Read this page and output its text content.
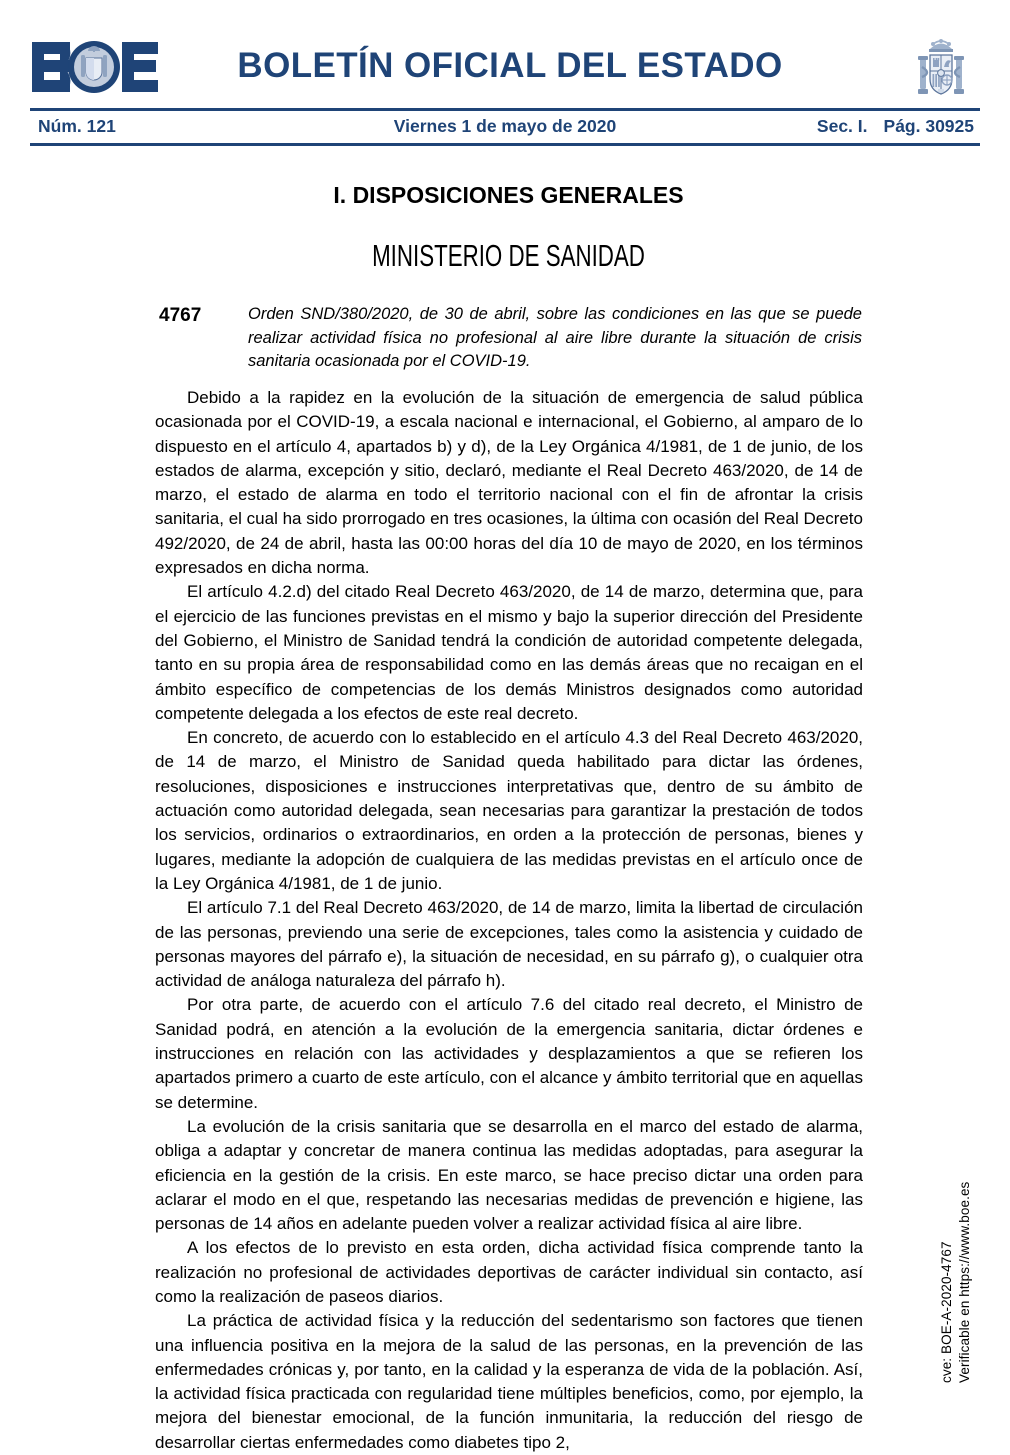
BOLETÍN OFICIAL DEL ESTADO
Núm. 121	Viernes 1 de mayo de 2020	Sec. I. Pág. 30925
I. DISPOSICIONES GENERALES
MINISTERIO DE SANIDAD
4767	Orden SND/380/2020, de 30 de abril, sobre las condiciones en las que se puede realizar actividad física no profesional al aire libre durante la situación de crisis sanitaria ocasionada por el COVID-19.

Debido a la rapidez en la evolución de la situación de emergencia de salud pública ocasionada por el COVID-19, a escala nacional e internacional, el Gobierno, al amparo de lo dispuesto en el artículo 4, apartados b) y d), de la Ley Orgánica 4/1981, de 1 de junio, de los estados de alarma, excepción y sitio, declaró, mediante el Real Decreto 463/2020, de 14 de marzo, el estado de alarma en todo el territorio nacional con el fin de afrontar la crisis sanitaria, el cual ha sido prorrogado en tres ocasiones, la última con ocasión del Real Decreto 492/2020, de 24 de abril, hasta las 00:00 horas del día 10 de mayo de 2020, en los términos expresados en dicha norma.

El artículo 4.2.d) del citado Real Decreto 463/2020, de 14 de marzo, determina que, para el ejercicio de las funciones previstas en el mismo y bajo la superior dirección del Presidente del Gobierno, el Ministro de Sanidad tendrá la condición de autoridad competente delegada, tanto en su propia área de responsabilidad como en las demás áreas que no recaigan en el ámbito específico de competencias de los demás Ministros designados como autoridad competente delegada a los efectos de este real decreto.

En concreto, de acuerdo con lo establecido en el artículo 4.3 del Real Decreto 463/2020, de 14 de marzo, el Ministro de Sanidad queda habilitado para dictar las órdenes, resoluciones, disposiciones e instrucciones interpretativas que, dentro de su ámbito de actuación como autoridad delegada, sean necesarias para garantizar la prestación de todos los servicios, ordinarios o extraordinarios, en orden a la protección de personas, bienes y lugares, mediante la adopción de cualquiera de las medidas previstas en el artículo once de la Ley Orgánica 4/1981, de 1 de junio.

El artículo 7.1 del Real Decreto 463/2020, de 14 de marzo, limita la libertad de circulación de las personas, previendo una serie de excepciones, tales como la asistencia y cuidado de personas mayores del párrafo e), la situación de necesidad, en su párrafo g), o cualquier otra actividad de análoga naturaleza del párrafo h).

Por otra parte, de acuerdo con el artículo 7.6 del citado real decreto, el Ministro de Sanidad podrá, en atención a la evolución de la emergencia sanitaria, dictar órdenes e instrucciones en relación con las actividades y desplazamientos a que se refieren los apartados primero a cuarto de este artículo, con el alcance y ámbito territorial que en aquellas se determine.

La evolución de la crisis sanitaria que se desarrolla en el marco del estado de alarma, obliga a adaptar y concretar de manera continua las medidas adoptadas, para asegurar la eficiencia en la gestión de la crisis. En este marco, se hace preciso dictar una orden para aclarar el modo en el que, respetando las necesarias medidas de prevención e higiene, las personas de 14 años en adelante pueden volver a realizar actividad física al aire libre.

A los efectos de lo previsto en esta orden, dicha actividad física comprende tanto la realización no profesional de actividades deportivas de carácter individual sin contacto, así como la realización de paseos diarios.

La práctica de actividad física y la reducción del sedentarismo son factores que tienen una influencia positiva en la mejora de la salud de las personas, en la prevención de las enfermedades crónicas y, por tanto, en la calidad y la esperanza de vida de la población. Así, la actividad física practicada con regularidad tiene múltiples beneficios, como, por ejemplo, la mejora del bienestar emocional, de la función inmunitaria, la reducción del riesgo de desarrollar ciertas enfermedades como diabetes tipo 2,

cve: BOE-A-2020-4767 Verificable en https://www.boe.es
